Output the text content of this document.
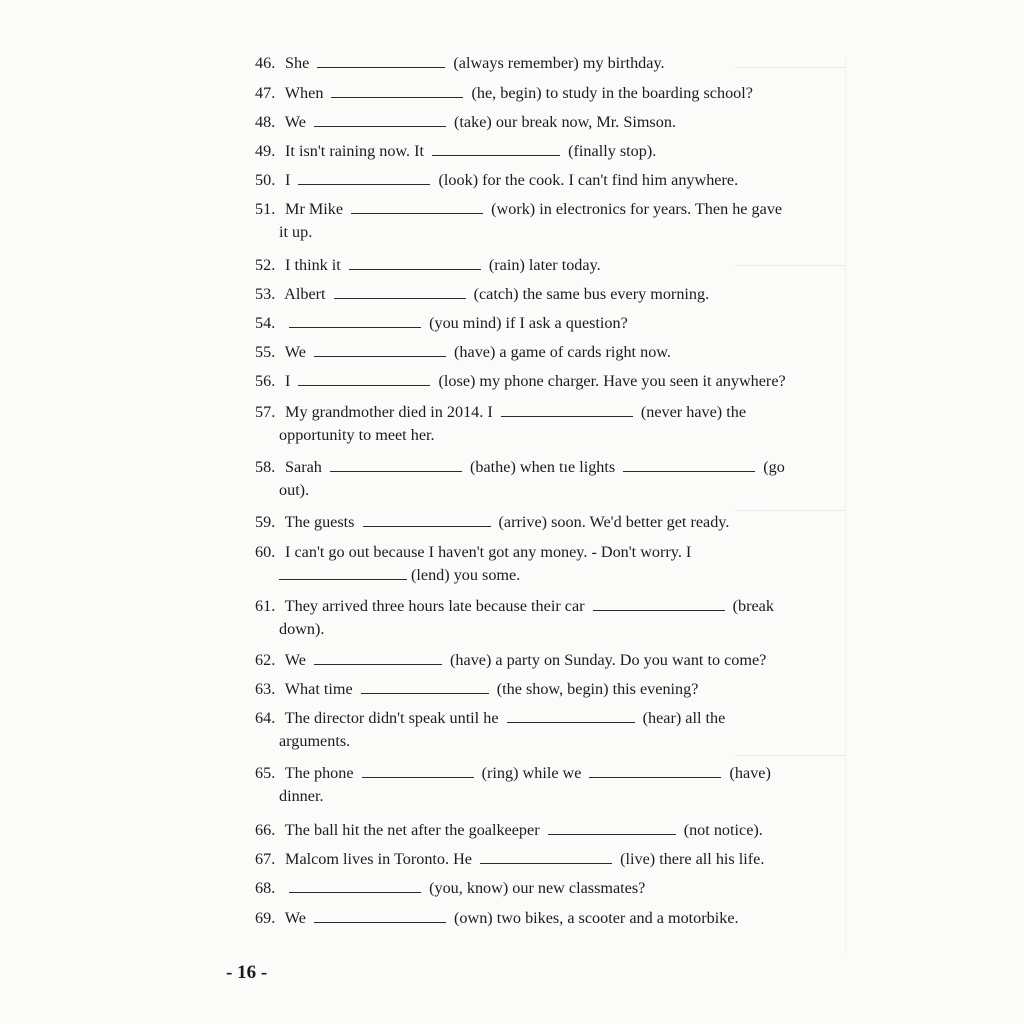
46. She	(always remember) my birthday.
47. When	(he, begin) to study in the boarding school?
48. We	(take) our break now, Mr. Simson.
49. It isn't raining now. It	(finally stop).
50. I	(look) for the cook. I can't find him anywhere.
51. Mr Mike	(work) in electronics for years. Then he gave
it up.
52. I think it	(rain) later today.
53. Albert	(catch) the same bus every morning.
54.	(you mind) if I ask a question?
55. We	(have) a game of cards right now.
56. I	(lose) my phone charger. Have you seen it anywhere?
57. My grandmother died in 2014. I	(never have) the
opportunity to meet her.
58. Sarah	(bathe) when tıe lights	(go
out).
59. The guests	(arrive) soon. We'd better get ready.
60. I can't go out because I haven't got any money. - Don't worry. I
(lend) you some.
61. They arrived three hours late because their car	(break
down).
62. We	(have) a party on Sunday. Do you want to come?
63. What time	(the show, begin) this evening?
64. The director didn't speak until he	(hear) all the
arguments.
65. The phone	(ring) while we	(have)
dinner.
66. The ball hit the net after the goalkeeper	(not notice).
67. Malcom lives in Toronto. He	(live) there all his life.
68.	(you, know) our new classmates?
69. We	(own) two bikes, a scooter and a motorbike.
- 16 -
